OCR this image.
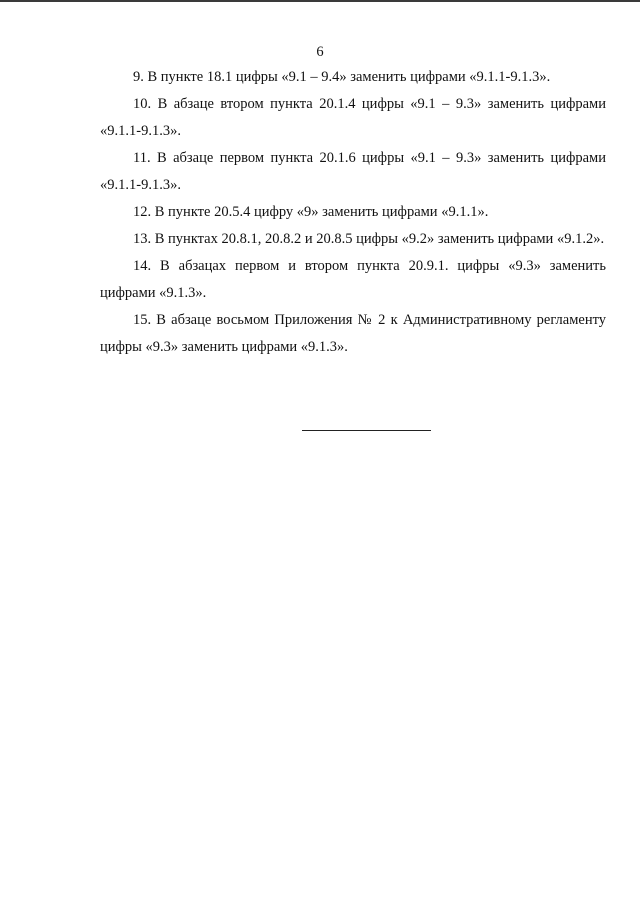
6

9. В пункте 18.1 цифры «9.1 – 9.4» заменить цифрами «9.1.1-9.1.3».

10. В абзаце втором пункта 20.1.4 цифры «9.1 – 9.3» заменить цифрами «9.1.1-9.1.3».

11. В абзаце первом пункта 20.1.6 цифры «9.1 – 9.3» заменить цифрами «9.1.1-9.1.3».

12. В пункте 20.5.4 цифру «9» заменить цифрами «9.1.1».

13. В пунктах 20.8.1, 20.8.2 и 20.8.5 цифры «9.2» заменить цифрами «9.1.2».

14. В абзацах первом и втором пункта 20.9.1. цифры «9.3» заменить цифрами «9.1.3».

15. В абзаце восьмом Приложения № 2 к Административному регламенту цифры «9.3» заменить цифрами «9.1.3».
